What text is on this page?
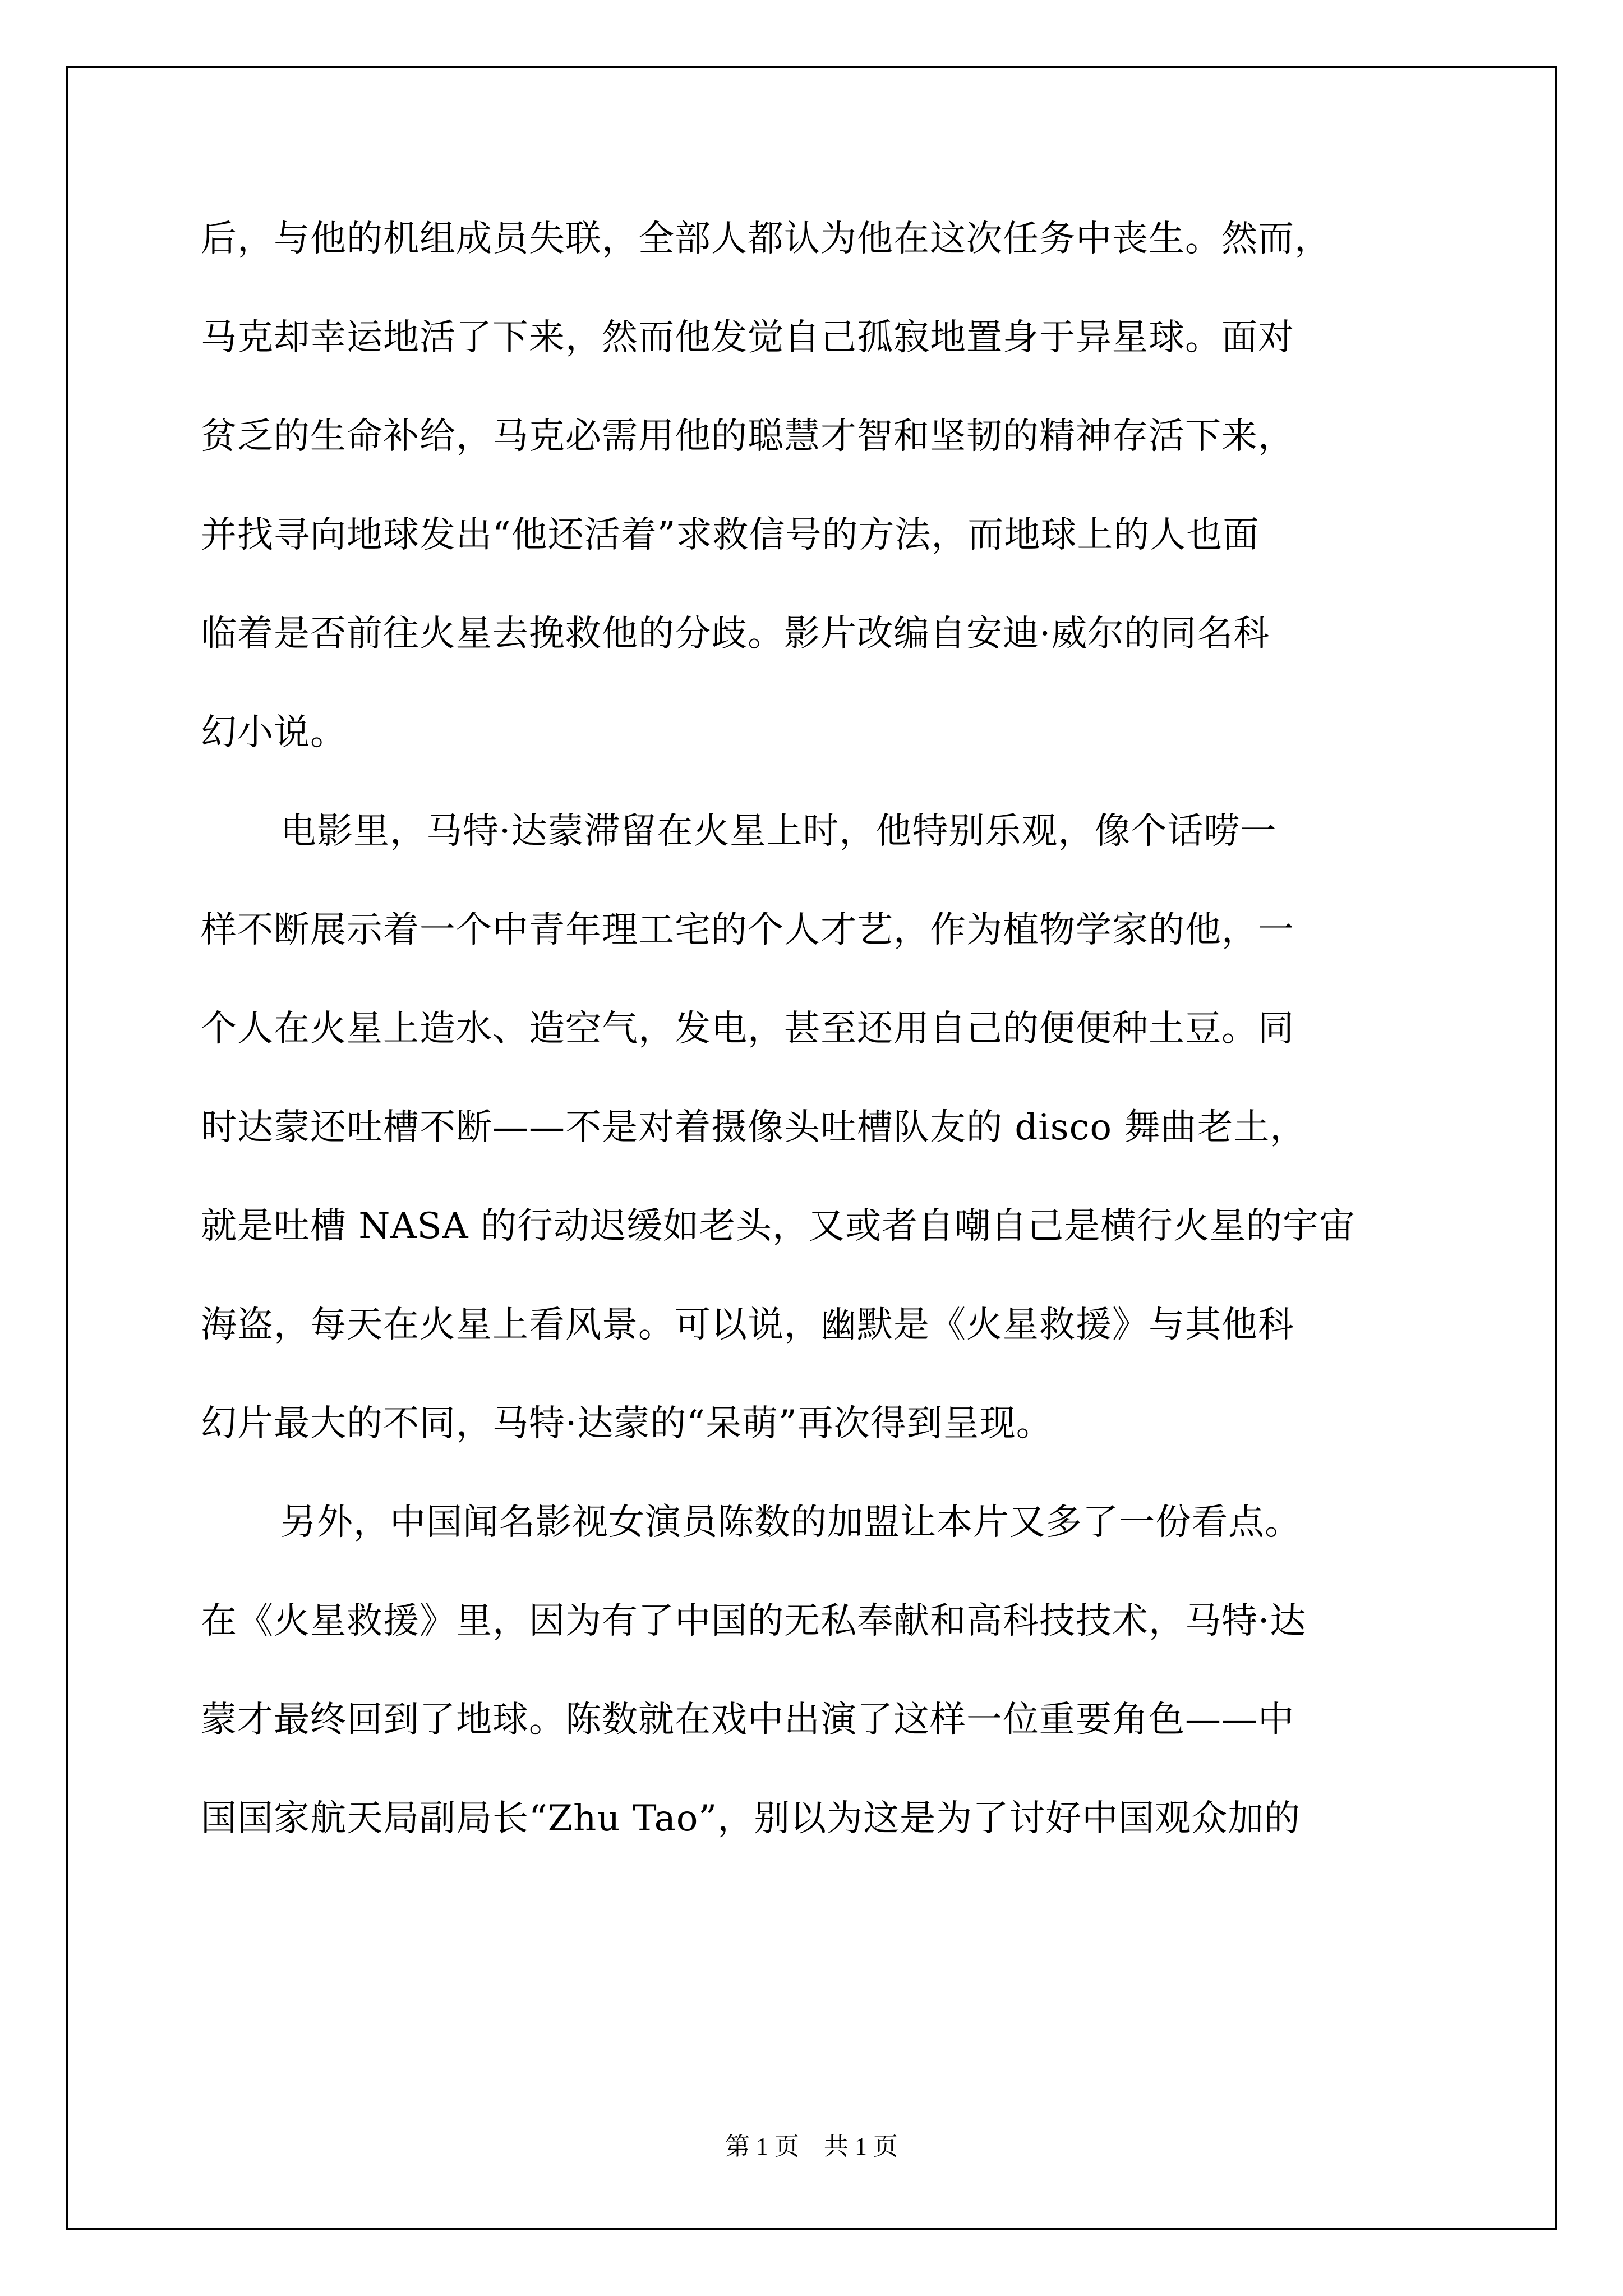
后，与他的机组成员失联，全部人都认为他在这次任务中丧生。然而，
马克却幸运地活了下来，然而他发觉自己孤寂地置身于异星球。面对
贫乏的生命补给，马克必需用他的聪慧才智和坚韧的精神存活下来，
并找寻向地球发出“他还活着”求救信号的方法，而地球上的人也面
临着是否前往火星去挽救他的分歧。影片改编自安迪·威尔的同名科
幻小说。
电影里，马特·达蒙滞留在火星上时，他特别乐观，像个话唠一
样不断展示着一个中青年理工宅的个人才艺，作为植物学家的他，一
个人在火星上造水、造空气，发电，甚至还用自己的便便种土豆。同
时达蒙还吐槽不断——不是对着摄像头吐槽队友的 disco 舞曲老土，
就是吐槽 NASA 的行动迟缓如老头，又或者自嘲自己是横行火星的宇宙
海盗，每天在火星上看风景。可以说，幽默是《火星救援》与其他科
幻片最大的不同，马特·达蒙的“呆萌”再次得到呈现。
另外，中国闻名影视女演员陈数的加盟让本片又多了一份看点。
在《火星救援》里，因为有了中国的无私奉献和高科技技术，马特·达
蒙才最终回到了地球。陈数就在戏中出演了这样一位重要角色——中
国国家航天局副局长“Zhu Tao”，别以为这是为了讨好中国观众加的
第 1 页　共 1 页
